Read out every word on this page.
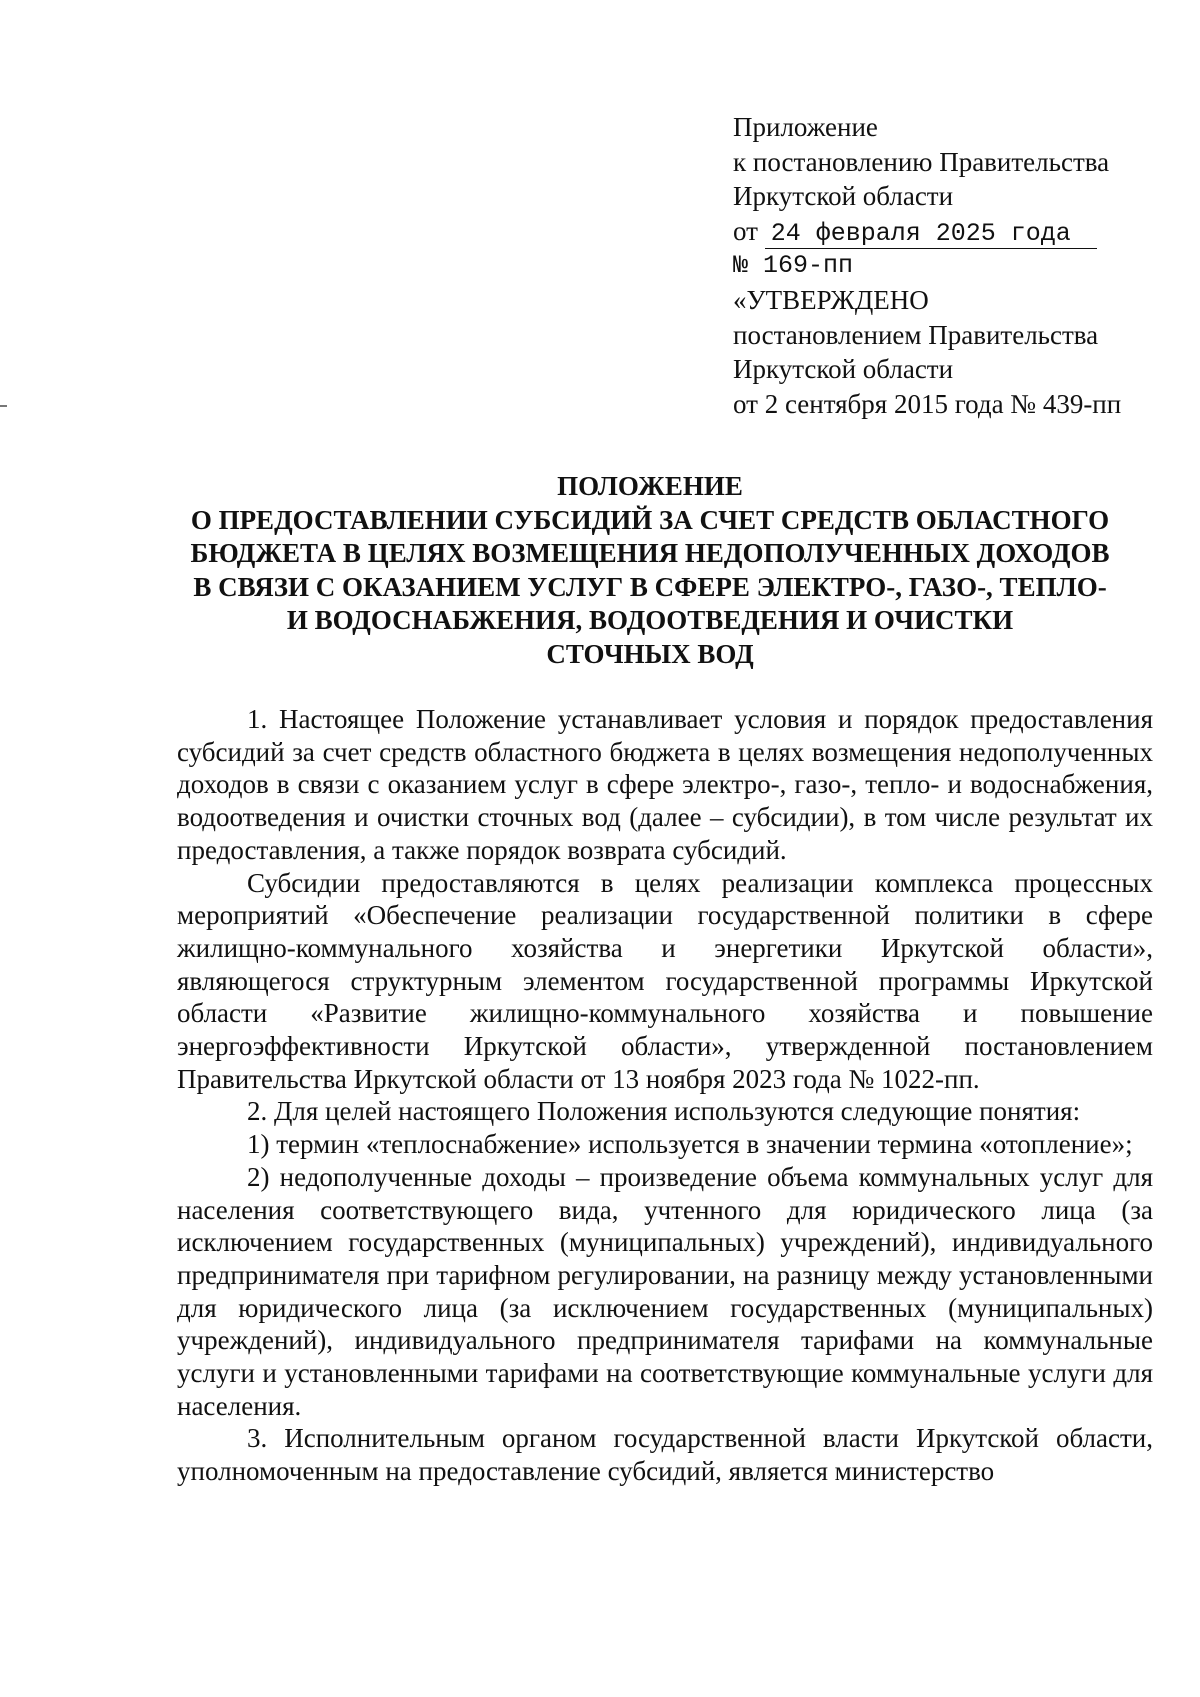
Приложение
к постановлению Правительства
Иркутской области
от 24 февраля 2025 года
№ 169-пп
«УТВЕРЖДЕНО
постановлением Правительства
Иркутской области
от 2 сентября 2015 года № 439-пп
ПОЛОЖЕНИЕ
О ПРЕДОСТАВЛЕНИИ СУБСИДИЙ ЗА СЧЕТ СРЕДСТВ ОБЛАСТНОГО
БЮДЖЕТА В ЦЕЛЯХ ВОЗМЕЩЕНИЯ НЕДОПОЛУЧЕННЫХ ДОХОДОВ
В СВЯЗИ С ОКАЗАНИЕМ УСЛУГ В СФЕРЕ ЭЛЕКТРО-, ГАЗО-, ТЕПЛО-
И ВОДОСНАБЖЕНИЯ, ВОДООТВЕДЕНИЯ И ОЧИСТКИ
СТОЧНЫХ ВОД

1. Настоящее Положение устанавливает условия и порядок предоставления субсидий за счет средств областного бюджета в целях возмещения недополученных доходов в связи с оказанием услуг в сфере электро-, газо-, тепло- и водоснабжения, водоотведения и очистки сточных вод (далее – субсидии), в том числе результат их предоставления, а также порядок возврата субсидий.

Субсидии предоставляются в целях реализации комплекса процессных мероприятий «Обеспечение реализации государственной политики в сфере жилищно-коммунального хозяйства и энергетики Иркутской области», являющегося структурным элементом государственной программы Иркутской области «Развитие жилищно-коммунального хозяйства и повышение энергоэффективности Иркутской области», утвержденной постановлением Правительства Иркутской области от 13 ноября 2023 года № 1022-пп.

2. Для целей настоящего Положения используются следующие понятия:

1) термин «теплоснабжение» используется в значении термина «отопление»;

2) недополученные доходы – произведение объема коммунальных услуг для населения соответствующего вида, учтенного для юридического лица (за исключением государственных (муниципальных) учреждений), индивидуального предпринимателя при тарифном регулировании, на разницу между установленными для юридического лица (за исключением государственных (муниципальных) учреждений), индивидуального предпринимателя тарифами на коммунальные услуги и установленными тарифами на соответствующие коммунальные услуги для населения.

3. Исполнительным органом государственной власти Иркутской области, уполномоченным на предоставление субсидий, является министерство
